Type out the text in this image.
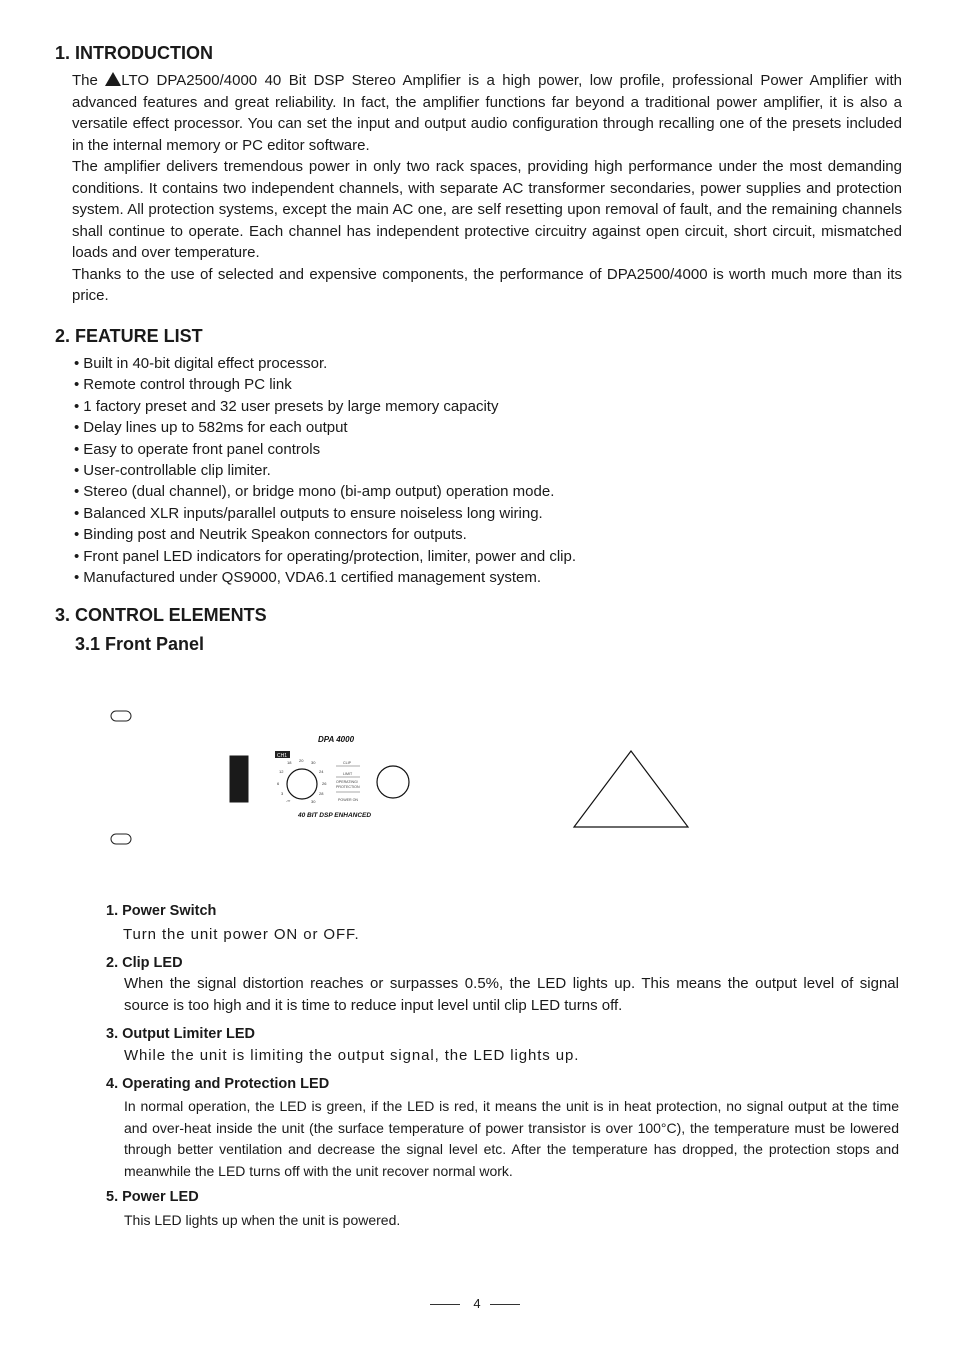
1. INTRODUCTION

The LTO DPA2500/4000 40 Bit DSP Stereo Amplifier is a high power, low profile, professional Power Amplifier with advanced features and great reliability. In fact, the amplifier functions far beyond a traditional power amplifier, it is also a versatile effect processor. You can set the input and output audio configuration through recalling one of the presets included in the internal memory or PC editor software.

The amplifier delivers tremendous power in only two rack spaces, providing high performance under the most demanding conditions. It contains two independent channels, with separate AC transformer secondaries, power supplies and protection system. All protection systems, except the main AC one, are self resetting upon removal of fault, and the remaining channels shall continue to operate. Each channel has independent protective circuitry against open circuit, short circuit, mismatched loads and over temperature.

Thanks to the use of selected and expensive components, the performance of DPA2500/4000 is worth much more than its price.

2. FEATURE LIST
• Built in 40-bit digital effect processor.
• Remote control through PC link
• 1 factory preset and 32 user presets by large memory capacity
• Delay lines up to 582ms for each output
• Easy to operate front panel controls
• User-controllable clip limiter.
• Stereo (dual channel), or bridge mono (bi-amp output) operation mode.
• Balanced XLR inputs/parallel outputs to ensure noiseless long wiring.
• Binding post and Neutrik Speakon connectors for outputs.
• Front panel LED indicators for operating/protection, limiter, power and clip.
• Manufactured under QS9000, VDA6.1 certified management system.
3. CONTROL ELEMENTS
3.1 Front Panel
DPA 4000
CH1
-∞
3
6
12
18 20 30
24
26
28
30
CLIP
LIMIT
OPERATING/
PROTECTION
POWER ON
40 BIT DSP ENHANCED
1. Power Switch
Turn the unit power ON or OFF.
2. Clip LED
When the signal distortion reaches or surpasses 0.5%, the LED lights up. This means the output level of signal source is too high and it is time to reduce input level until clip LED turns off.
3. Output Limiter LED
While the unit is limiting the output signal, the LED lights up.
4. Operating and Protection LED
In normal operation, the LED is green, if the LED is red, it means the unit is in heat protection, no signal output at the time and over-heat inside the unit (the surface temperature of power transistor is over 100°C), the temperature must be lowered through better ventilation and decrease the signal level etc. After the temperature has dropped, the protection stops and meanwhile the LED turns off with the unit recover normal work.
5. Power LED
This LED lights up when the unit is powered.
4
